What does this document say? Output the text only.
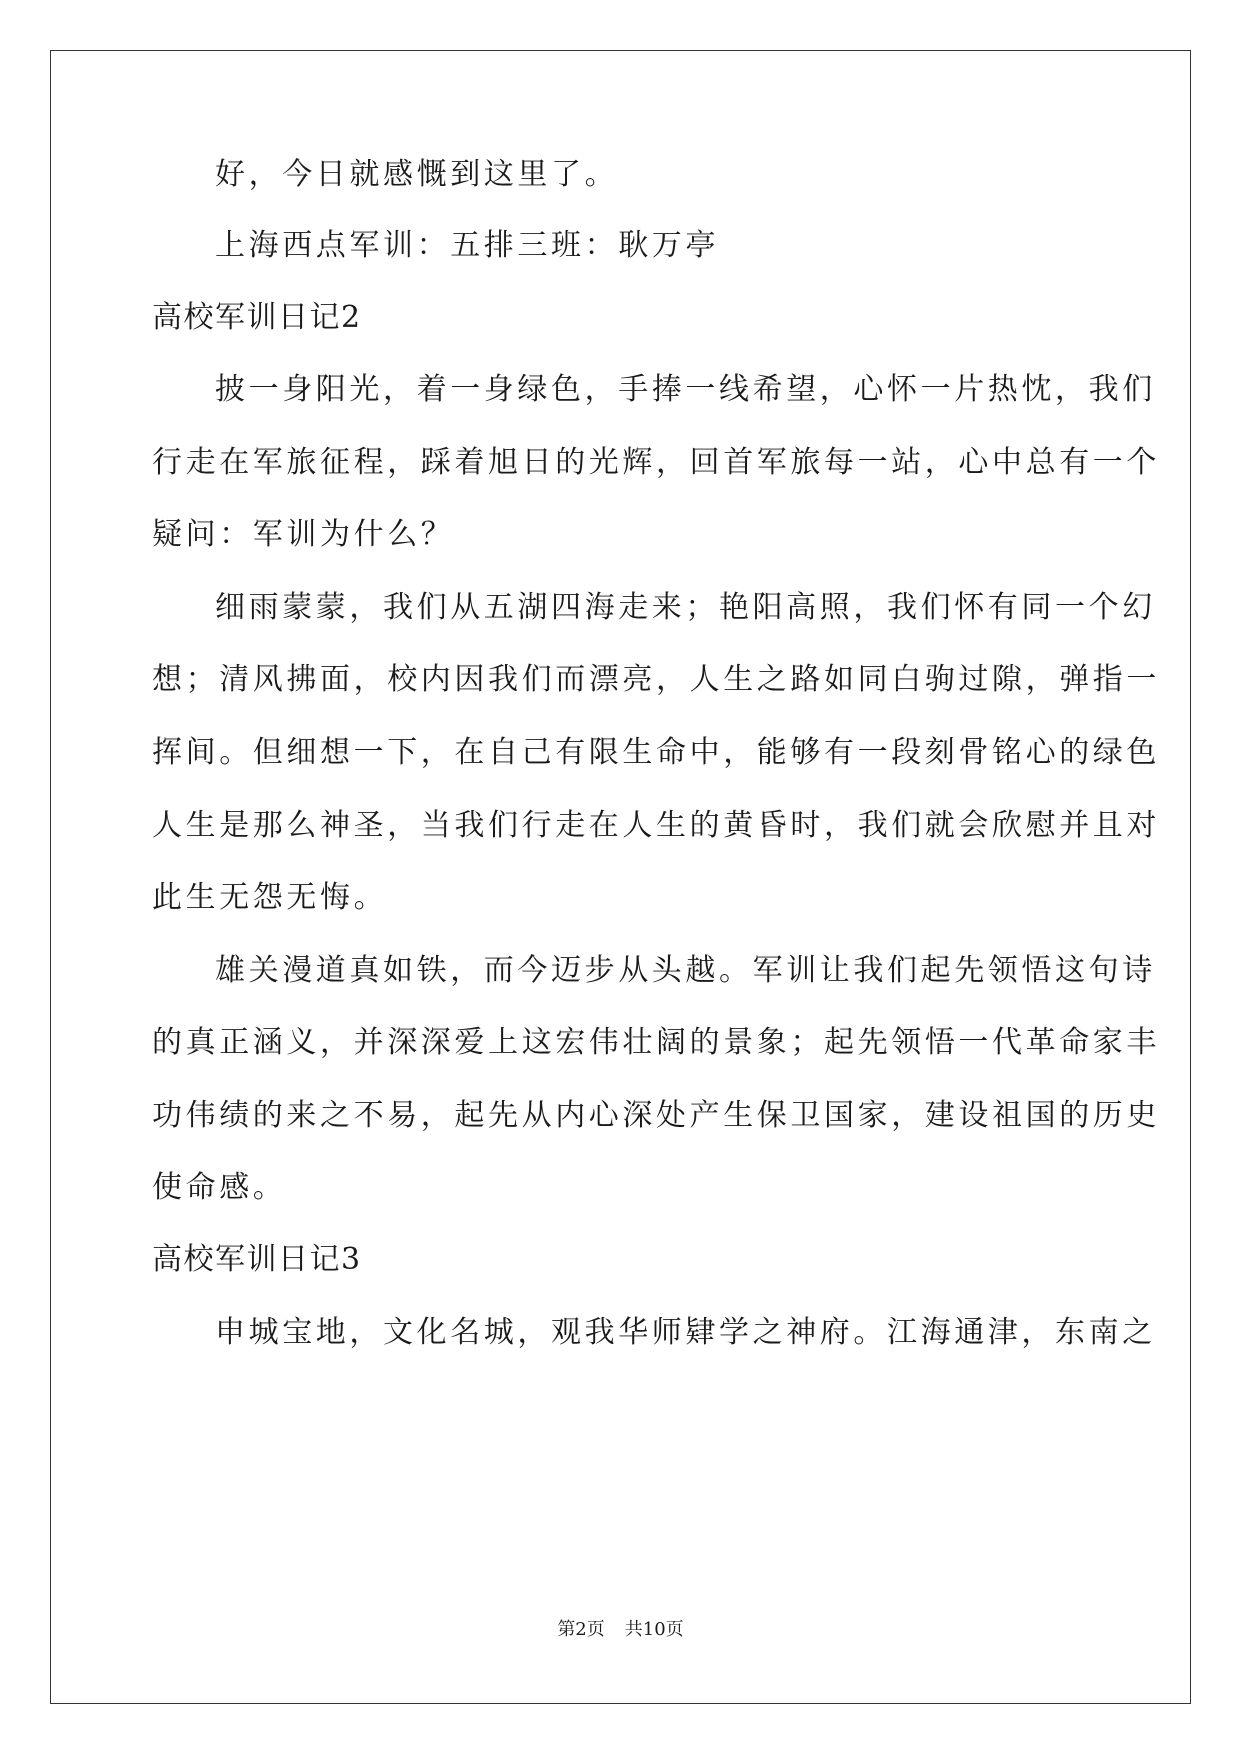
好，今日就感慨到这里了。
上海西点军训：五排三班：耿万亭
高校军训日记2
披一身阳光，着一身绿色，手捧一线希望，心怀一片热忱，我们
行走在军旅征程，踩着旭日的光辉，回首军旅每一站，心中总有一个
疑问：军训为什么？
细雨蒙蒙，我们从五湖四海走来；艳阳高照，我们怀有同一个幻
想；清风拂面，校内因我们而漂亮，人生之路如同白驹过隙，弹指一
挥间。但细想一下，在自己有限生命中，能够有一段刻骨铭心的绿色
人生是那么神圣，当我们行走在人生的黄昏时，我们就会欣慰并且对
此生无怨无悔。
雄关漫道真如铁，而今迈步从头越。军训让我们起先领悟这句诗
的真正涵义，并深深爱上这宏伟壮阔的景象；起先领悟一代革命家丰
功伟绩的来之不易，起先从内心深处产生保卫国家，建设祖国的历史
使命感。
高校军训日记3
申城宝地，文化名城，观我华师肄学之神府。江海通津，东南之
第2页 共10页
